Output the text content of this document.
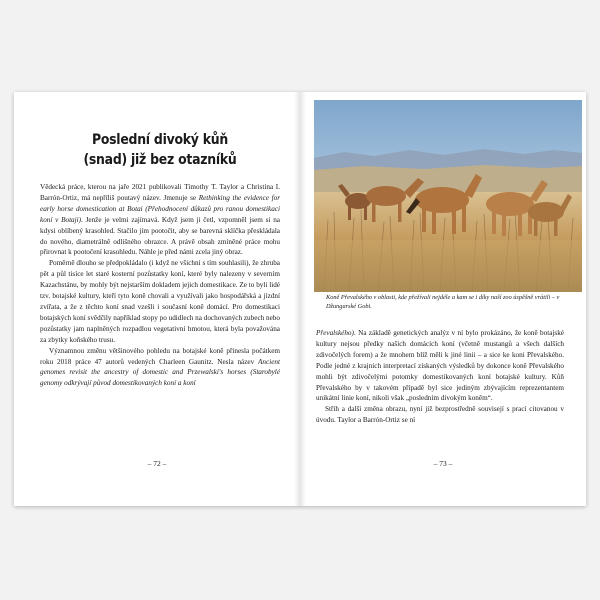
Poslední divoký kůň
(snad) již bez otazníků

Vědecká práce, kterou na jaře 2021 publikovali Timothy T. Taylor a Christina I. Barrón-Ortiz, má nepříliš poutavý název. Jmenuje se Rethinking the evidence for early horse domestication at Botai (Přehodnocení důkazů pro ranou domestikaci koní v Botaji). Jenže je velmi zajímavá. Když jsem ji četl, vzpomněl jsem si na kdysi oblíbený krasohled. Stačilo jím pootočit, aby se barevná sklíčka přeskládala do nového, diametrálně odlišného obrazce. A právě obsah zmíněné práce mohu přirovnat k pootočení krasohledu. Náhle je před námi zcela jiný obraz.

Poměrně dlouho se předpokládalo (i když ne všichni s tím souhlasili), že zhruba pět a půl tisíce let staré kosterní pozůstatky koní, které byly nalezeny v severním Kazachstánu, by mohly být nejstarším dokladem jejich domestikace. Ze to byli lidé tzv. botajské kultury, kteří tyto koně chovali a využívali jako hospodářská a jízdní zvířata, a že z těchto koní snad vzešli i současní koně domácí. Pro domestikaci botajských koní svědčily například stopy po udidlech na dochovaných zubech nebo pozůstatky jam naplněných rozpadlou vegetativní hmotou, která byla považována za zbytky koňského trusu.

Významnou změnu většinového pohledu na botajské koně přinesla počátkem roku 2018 práce 47 autorů vedených Charleen Gaunitz. Nesla název Ancient genomes revisit the ancestry of domestic and Przewalski's horses (Starobylé genomy odkrývají původ domestikovaných koní a koní

– 72 –
Koně Převalského v oblasti, kde přežívali nejdéle a kam se i díky naší zoo úspěšně vrátili – v Džungarské Gobi.

Převalského). Na základě genetických analýz v ní bylo prokázáno, že koně botajské kultury nejsou předky našich domácích koní (včetně mustangů a všech dalších zdivočelých forem) a že mnohem blíž měli k jiné linii – a sice ke koni Převalského. Podle jedné z krajních interpretací získaných výsledků by dokonce koně Převalského mohli být zdivočelými potomky domestikovaných koní botajské kultury. Kůň Převalského by v takovém případě byl sice jediným zbývajícím reprezentantem unikátní linie koní, nikoli však „posledním divokým koněm“.

Střih a další změna obrazu, nyní již bezprostředně souvisejí s prací citovanou v úvodu. Taylor a Barrón-Ortiz se ní

– 73 –
